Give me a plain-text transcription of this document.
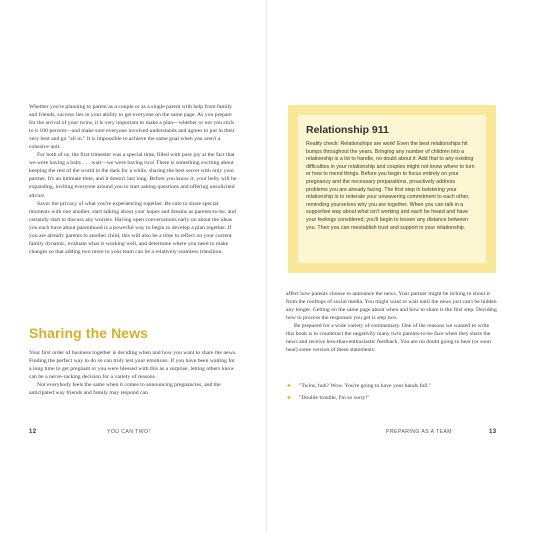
Whether you're planning to parent as a couple or as a single parent with help from family and friends, success lies in your ability to get everyone on the same page. As you prepare for the arrival of your twins, it is very important to make a plan—whether or not you stick to it 100 percent—and make sure everyone involved understands and agrees to put in their very best and go "all in." It is impossible to achieve the same goal when you aren't a cohesive unit.

For both of us, the first trimester was a special time, filled with pure joy at the fact that we were having a baby . . . wait—we were having two! There is something exciting about keeping the rest of the world in the dark for a while, sharing the best secret with only your partner. It's an intimate time, and it doesn't last long. Before you know it, your belly will be expanding, inviting everyone around you to start asking questions and offering unsolicited advice.

Savor the privacy of what you're experiencing together. Be sure to share special moments with one another, start talking about your hopes and dreams as parents-to-be, and certainly start to discuss any worries. Having open conversations early on about the ideas you each have about parenthood is a powerful way to begin to develop a plan together. If you are already parents to another child, this will also be a time to reflect on your current family dynamic, evaluate what is working well, and determine where you need to make changes so that adding two more to your team can be a relatively seamless transition.

Sharing the News

Your first order of business together is deciding when and how you want to share the news. Finding the perfect way to do so can truly test your emotions. If you have been waiting for a long time to get pregnant or you were blessed with this as a surprise, letting others know can be a nerve-racking decision for a variety of reasons.

Not everybody feels the same when it comes to announcing pregnancies, and the anticipated way friends and family may respond can

12	YOU CAN TWO!
Relationship 911

Reality check: Relationships are work! Even the best relationships hit bumps throughout the years. Bringing any number of children into a relationship is a lot to handle, no doubt about it. Add that to any existing difficulties in your relationship and couples might not know where to turn or how to mend things. Before you begin to focus entirely on your pregnancy and the necessary preparations, proactively address problems you are already facing. The first step in bolstering your relationship is to reiterate your unwavering commitment to each other, reminding yourselves why you are together. When you can talk in a supportive way about what isn't working and each be heard and have your feelings considered, you'll begin to lessen any distance between you. Then you can reestablish trust and support in your relationship.

affect how parents choose to announce the news. Your partner might be itching to shout it from the rooftops of social media. You might want to wait until the news just can't be hidden any longer. Getting on the same page about when and how to share is the first step. Deciding how to process the responses you get is step two.

Be prepared for a wide variety of commentary. One of the reasons we wanted to write this book is to counteract the negativity many twin parents-to-be face when they share the news and receive less-than-enthusiastic feedback. You are no doubt going to hear (or soon hear) some version of these statements:

✦ "Twins, huh? Wow. You're going to have your hands full."
✦ "Double trouble, I'm so sorry!"
PREPARING AS A TEAM	13
